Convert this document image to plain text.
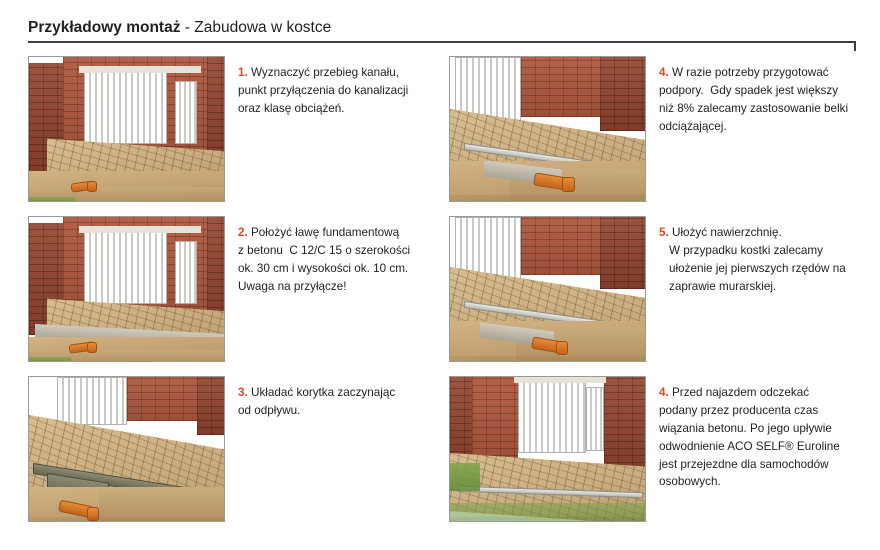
Przykładowy montaż - Zabudowa w kostce
1. Wyznaczyć przebieg kanału,
punkt przyłączenia do kanalizacji
oraz klasę obciążeń.
4. W razie potrzeby przygotować
podpory.  Gdy spadek jest większy
niż 8% zalecamy zastosowanie belki
odciążającej.
2. Położyć ławę fundamentową
z betonu  C 12/C 15 o szerokości
ok. 30 cm i wysokości ok. 10 cm.
Uwaga na przyłącze!
5. Ułożyć nawierzchnię.
W przypadku kostki zalecamy
ułożenie jej pierwszych rzędów na
zaprawie murarskiej.
3. Układać korytka zaczynając
od odpływu.
4. Przed najazdem odczekać
podany przez producenta czas
wiązania betonu. Po jego upływie
odwodnienie ACO SELF® Euroline
jest przejezdne dla samochodów
osobowych.
